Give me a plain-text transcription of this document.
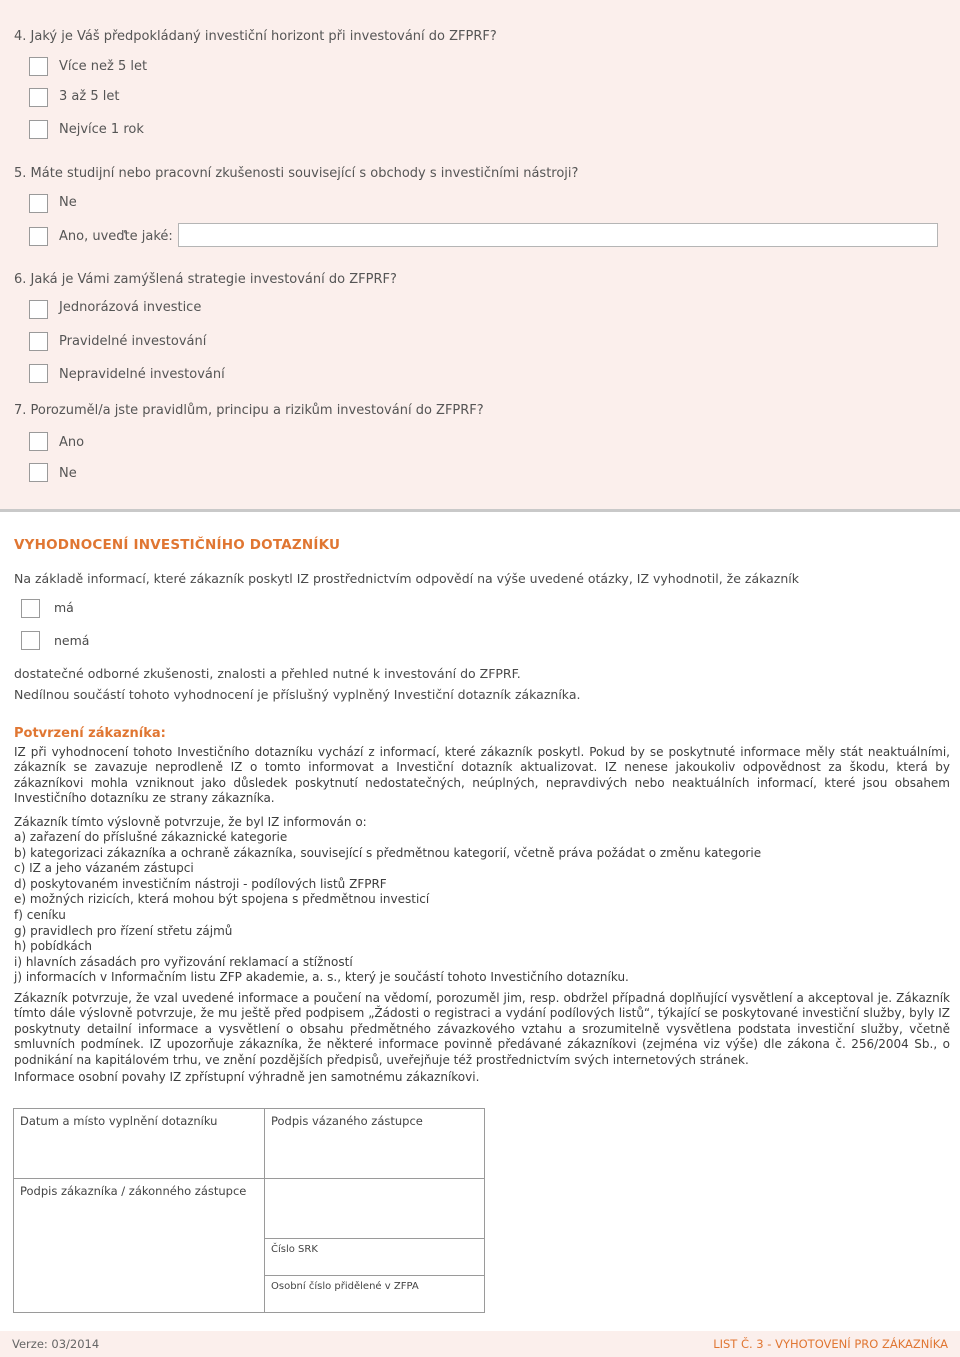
4. Jaký je Váš předpokládaný investiční horizont při investování do ZFPRF?
Více než 5 let
3 až 5 let
Nejvíce 1 rok
5. Máte studijní nebo pracovní zkušenosti související s obchody s investičními nástroji?
Ne
Ano, uveďte jaké:
6. Jaká je Vámi zamýšlená strategie investování do ZFPRF?
Jednorázová investice
Pravidelné investování
Nepravidelné investování
7. Porozuměl/a jste pravidlům, principu a rizikům investování do ZFPRF?
Ano
Ne
VYHODNOCENÍ INVESTIČNÍHO DOTAZNÍKU
Na základě informací, které zákazník poskytl IZ prostřednictvím odpovědí na výše uvedené otázky, IZ vyhodnotil, že zákazník
má
nemá
dostatečné odborné zkušenosti, znalosti a přehled nutné k investování do ZFPRF.
Nedílnou součástí tohoto vyhodnocení je příslušný vyplněný Investiční dotazník zákazníka.
Potvrzení zákazníka:
IZ při vyhodnocení tohoto Investičního dotazníku vychází z informací, které zákazník poskytl. Pokud by se poskytnuté informace měly stát neaktuálními, zákazník se zavazuje neprodleně IZ o tomto informovat a Investiční dotazník aktualizovat. IZ nenese jakoukoliv odpovědnost za škodu, která by zákazníkovi mohla vzniknout jako důsledek poskytnutí nedostatečných, neúplných, nepravdivých nebo neaktuálních informací, které jsou obsahem Investičního dotazníku ze strany zákazníka.
Zákazník tímto výslovně potvrzuje, že byl IZ informován o:
a) zařazení do příslušné zákaznické kategorie
b) kategorizaci zákazníka a ochraně zákazníka, související s předmětnou kategorií, včetně práva požádat o změnu kategorie
c) IZ a jeho vázaném zástupci
d) poskytovaném investičním nástroji - podílových listů ZFPRF
e) možných rizicích, která mohou být spojena s předmětnou investicí
f) ceníku
g) pravidlech pro řízení střetu zájmů
h) pobídkách
i) hlavních zásadách pro vyřizování reklamací a stížností
j) informacích v Informačním listu ZFP akademie, a. s., který je součástí tohoto Investičního dotazníku.
Zákazník potvrzuje, že vzal uvedené informace a poučení na vědomí, porozuměl jim, resp. obdržel případná doplňující vysvětlení a akceptoval je. Zákazník tímto dále výslovně potvrzuje, že mu ještě před podpisem „Žádosti o registraci a vydání podílových listů“, týkající se poskytované investiční služby, byly IZ poskytnuty detailní informace a vysvětlení o obsahu předmětného závazkového vztahu a srozumitelně vysvětlena podstata investiční služby, včetně smluvních podmínek. IZ upozorňuje zákazníka, že některé informace povinně předávané zákazníkovi (zejména viz výše) dle zákona č. 256/2004 Sb., o podnikání na kapitálovém trhu, ve znění pozdějších předpisů, uveřejňuje též prostřednictvím svých internetových stránek.
Informace osobní povahy IZ zpřístupní výhradně jen samotnému zákazníkovi.
Datum a místo vyplnění dotazníku	Podpis vázaného zástupce
Podpis zákazníka / zákonného zástupce
Číslo SRK
Osobní číslo přidělené v ZFPA
Verze: 03/2014	LIST Č. 3 - VYHOTOVENÍ PRO ZÁKAZNÍKA
